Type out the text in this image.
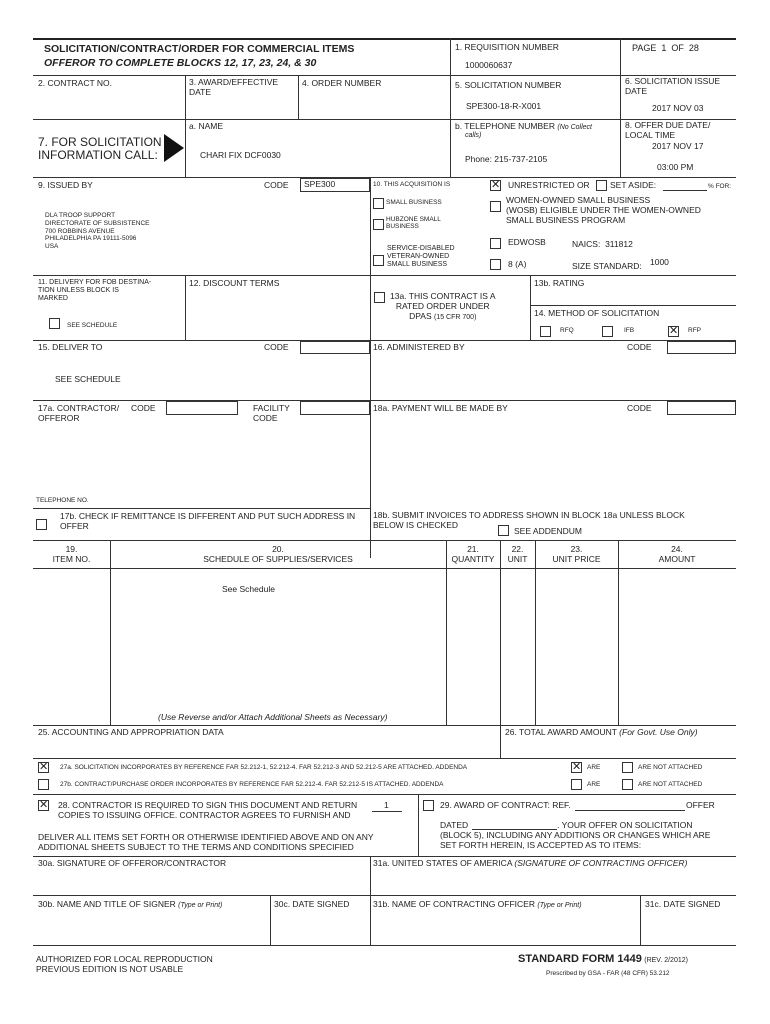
SOLICITATION/CONTRACT/ORDER FOR COMMERCIAL ITEMS
OFFEROR TO COMPLETE BLOCKS 12, 17, 23, 24, & 30
1. REQUISITION NUMBER
1000060637
PAGE 1 OF 28
2. CONTRACT NO.	3. AWARD/EFFECTIVE
DATE
4. ORDER NUMBER	5. SOLICITATION NUMBER
SPE300-18-R-X001
6. SOLICITATION ISSUE
DATE
2017 NOV 03
7. FOR SOLICITATION
INFORMATION CALL:
a. NAME
CHARI FIX DCF0030
b. TELEPHONE NUMBER (No Collect
calls)
Phone: 215-737-2105
8. OFFER DUE DATE/
LOCAL TIME
2017 NOV 17
03:00 PM
9. ISSUED BY	CODE SPE300
DLA TROOP SUPPORT
DIRECTORATE OF SUBSISTENCE
700 ROBBINS AVENUE
PHILADELPHIA PA 19111-5096
USA
10. THIS ACQUISITION IS	✕ UNRESTRICTED OR SET ASIDE:	% FOR:
SMALL BUSINESS
HUBZONE SMALL
BUSINESS
SERVICE-DISABLED
VETERAN-OWNED
SMALL BUSINESS
WOMEN-OWNED SMALL BUSINESS
(WOSB) ELIGIBLE UNDER THE WOMEN-OWNED
SMALL BUSINESS PROGRAM
EDWOSB	NAICS: 311812
8 (A)	SIZE STANDARD: 1000
11. DELIVERY FOR FOB DESTINA-
TION UNLESS BLOCK IS
MARKED
SEE SCHEDULE
12. DISCOUNT TERMS
13a. THIS CONTRACT IS A
RATED ORDER UNDER
DPAS (15 CFR 700)
13b. RATING
14. METHOD OF SOLICITATION
RFQ	IFB	✕ RFP
15. DELIVER TO	CODE
SEE SCHEDULE
16. ADMINISTERED BY	CODE
17a. CONTRACTOR/
OFFEROR
CODE	FACILITY
CODE
18a. PAYMENT WILL BE MADE BY	CODE
TELEPHONE NO.
17b. CHECK IF REMITTANCE IS DIFFERENT AND PUT SUCH ADDRESS IN
OFFER
18b. SUBMIT INVOICES TO ADDRESS SHOWN IN BLOCK 18a UNLESS BLOCK
BELOW IS CHECKED
SEE ADDENDUM
19.
ITEM NO.
20.
SCHEDULE OF SUPPLIES/SERVICES
21.
QUANTITY
22.
UNIT
23.
UNIT PRICE
24.
AMOUNT
See Schedule
(Use Reverse and/or Attach Additional Sheets as Necessary)
25. ACCOUNTING AND APPROPRIATION DATA	26. TOTAL AWARD AMOUNT (For Govt. Use Only)
✕ 27a. SOLICITATION INCORPORATES BY REFERENCE FAR 52.212-1, 52.212-4. FAR 52.212-3 AND 52.212-5 ARE ATTACHED. ADDENDA	✕ ARE	ARE NOT ATTACHED
27b. CONTRACT/PURCHASE ORDER INCORPORATES BY REFERENCE FAR 52.212-4. FAR 52.212-5 IS ATTACHED. ADDENDA	ARE	ARE NOT ATTACHED
✕ 28. CONTRACTOR IS REQUIRED TO SIGN THIS DOCUMENT AND RETURN	1
COPIES TO ISSUING OFFICE. CONTRACTOR AGREES TO FURNISH AND
DELIVER ALL ITEMS SET FORTH OR OTHERWISE IDENTIFIED ABOVE AND ON ANY
ADDITIONAL SHEETS SUBJECT TO THE TERMS AND CONDITIONS SPECIFIED
29. AWARD OF CONTRACT: REF.	OFFER
DATED	. YOUR OFFER ON SOLICITATION
(BLOCK 5), INCLUDING ANY ADDITIONS OR CHANGES WHICH ARE
SET FORTH HEREIN, IS ACCEPTED AS TO ITEMS:
30a. SIGNATURE OF OFFEROR/CONTRACTOR	31a. UNITED STATES OF AMERICA (SIGNATURE OF CONTRACTING OFFICER)
30b. NAME AND TITLE OF SIGNER (Type or Print)	30c. DATE SIGNED	31b. NAME OF CONTRACTING OFFICER (Type or Print)	31c. DATE SIGNED
AUTHORIZED FOR LOCAL REPRODUCTION
PREVIOUS EDITION IS NOT USABLE
STANDARD FORM 1449 (REV. 2/2012)
Prescribed by GSA - FAR (48 CFR) 53.212
